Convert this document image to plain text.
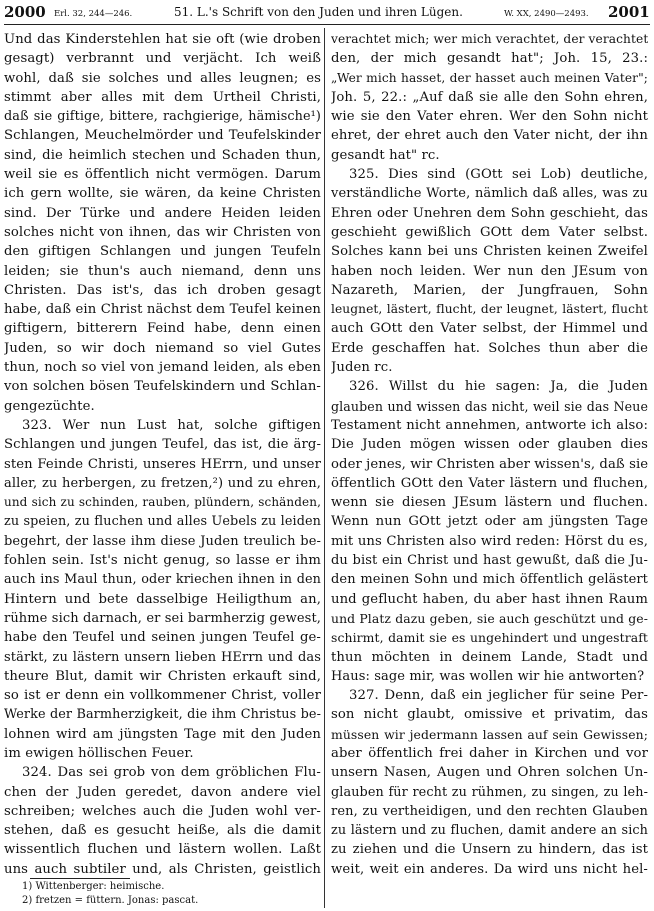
2000 Erl. 32, 244—246.	51. L.'s Schrift von den Juden und ihren Lügen.	W. XX, 2490—2493. 2001
Und das Kinderstehlen hat sie oft (wie droben
gesagt) verbrannt und verjächt. Ich weiß
wohl, daß sie solches und alles leugnen; es
stimmt aber alles mit dem Urtheil Christi,
daß sie giftige, bittere, rachgierige, hämische¹)
Schlangen, Meuchelmörder und Teufelskinder
sind, die heimlich stechen und Schaden thun,
weil sie es öffentlich nicht vermögen. Darum
ich gern wollte, sie wären, da keine Christen
sind. Der Türke und andere Heiden leiden
solches nicht von ihnen, das wir Christen von
den giftigen Schlangen und jungen Teufeln
leiden; sie thun's auch niemand, denn uns
Christen. Das ist's, das ich droben gesagt
habe, daß ein Christ nächst dem Teufel keinen
giftigern, bitterern Feind habe, denn einen
Juden, so wir doch niemand so viel Gutes
thun, noch so viel von jemand leiden, als eben
von solchen bösen Teufelskindern und Schlan-
gengezüchte.
323. Wer nun Lust hat, solche giftigen
Schlangen und jungen Teufel, das ist, die ärg-
sten Feinde Christi, unseres HErrn, und unser
aller, zu herbergen, zu fretzen,²) und zu ehren,
und sich zu schinden, rauben, plündern, schänden,
zu speien, zu fluchen und alles Uebels zu leiden
begehrt, der lasse ihm diese Juden treulich be-
fohlen sein. Ist's nicht genug, so lasse er ihm
auch ins Maul thun, oder kriechen ihnen in den
Hintern und bete dasselbige Heiligthum an,
rühme sich darnach, er sei barmherzig gewest,
habe den Teufel und seinen jungen Teufel ge-
stärkt, zu lästern unsern lieben HErrn und das
theure Blut, damit wir Christen erkauft sind,
so ist er denn ein vollkommener Christ, voller
Werke der Barmherzigkeit, die ihm Christus be-
lohnen wird am jüngsten Tage mit den Juden
im ewigen höllischen Feuer.
324. Das sei grob von dem gröblichen Flu-
chen der Juden geredet, davon andere viel
schreiben; welches auch die Juden wohl ver-
stehen, daß es gesucht heiße, als die damit
wissentlich fluchen und lästern wollen. Laßt
uns auch subtiler und, als Christen, geistlich
verachtet mich; wer mich verachtet, der verachtet
den, der mich gesandt hat"; Joh. 15, 23.:
„Wer mich hasset, der hasset auch meinen Vater";
Joh. 5, 22.: „Auf daß sie alle den Sohn ehren,
wie sie den Vater ehren. Wer den Sohn nicht
ehret, der ehret auch den Vater nicht, der ihn
gesandt hat" rc.
325. Dies sind (GOtt sei Lob) deutliche,
verständliche Worte, nämlich daß alles, was zu
Ehren oder Unehren dem Sohn geschieht, das
geschieht gewißlich GOtt dem Vater selbst.
Solches kann bei uns Christen keinen Zweifel
haben noch leiden. Wer nun den JEsum von
Nazareth, Marien, der Jungfrauen, Sohn
leugnet, lästert, flucht, der leugnet, lästert, flucht
auch GOtt den Vater selbst, der Himmel und
Erde geschaffen hat. Solches thun aber die
Juden rc.
326. Willst du hie sagen: Ja, die Juden
glauben und wissen das nicht, weil sie das Neue
Testament nicht annehmen, antworte ich also:
Die Juden mögen wissen oder glauben dies
oder jenes, wir Christen aber wissen's, daß sie
öffentlich GOtt den Vater lästern und fluchen,
wenn sie diesen JEsum lästern und fluchen.
Wenn nun GOtt jetzt oder am jüngsten Tage
mit uns Christen also wird reden: Hörst du es,
du bist ein Christ und hast gewußt, daß die Ju-
den meinen Sohn und mich öffentlich gelästert
und geflucht haben, du aber hast ihnen Raum
und Platz dazu geben, sie auch geschützt und ge-
schirmt, damit sie es ungehindert und ungestraft
thun möchten in deinem Lande, Stadt und
Haus: sage mir, was wollen wir hie antworten?
327. Denn, daß ein jeglicher für seine Per-
son nicht glaubt, omissive et privatim, das
müssen wir jedermann lassen auf sein Gewissen;
aber öffentlich frei daher in Kirchen und vor
unsern Nasen, Augen und Ohren solchen Un-
glauben für recht zu rühmen, zu singen, zu leh-
ren, zu vertheidigen, und den rechten Glauben
zu lästern und zu fluchen, damit andere an sich
zu ziehen und die Unsern zu hindern, das ist
weit, weit ein anderes. Da wird uns nicht hel-
1) Wittenberger: heimische.
2) fretzen = füttern. Jonas: pascat.
